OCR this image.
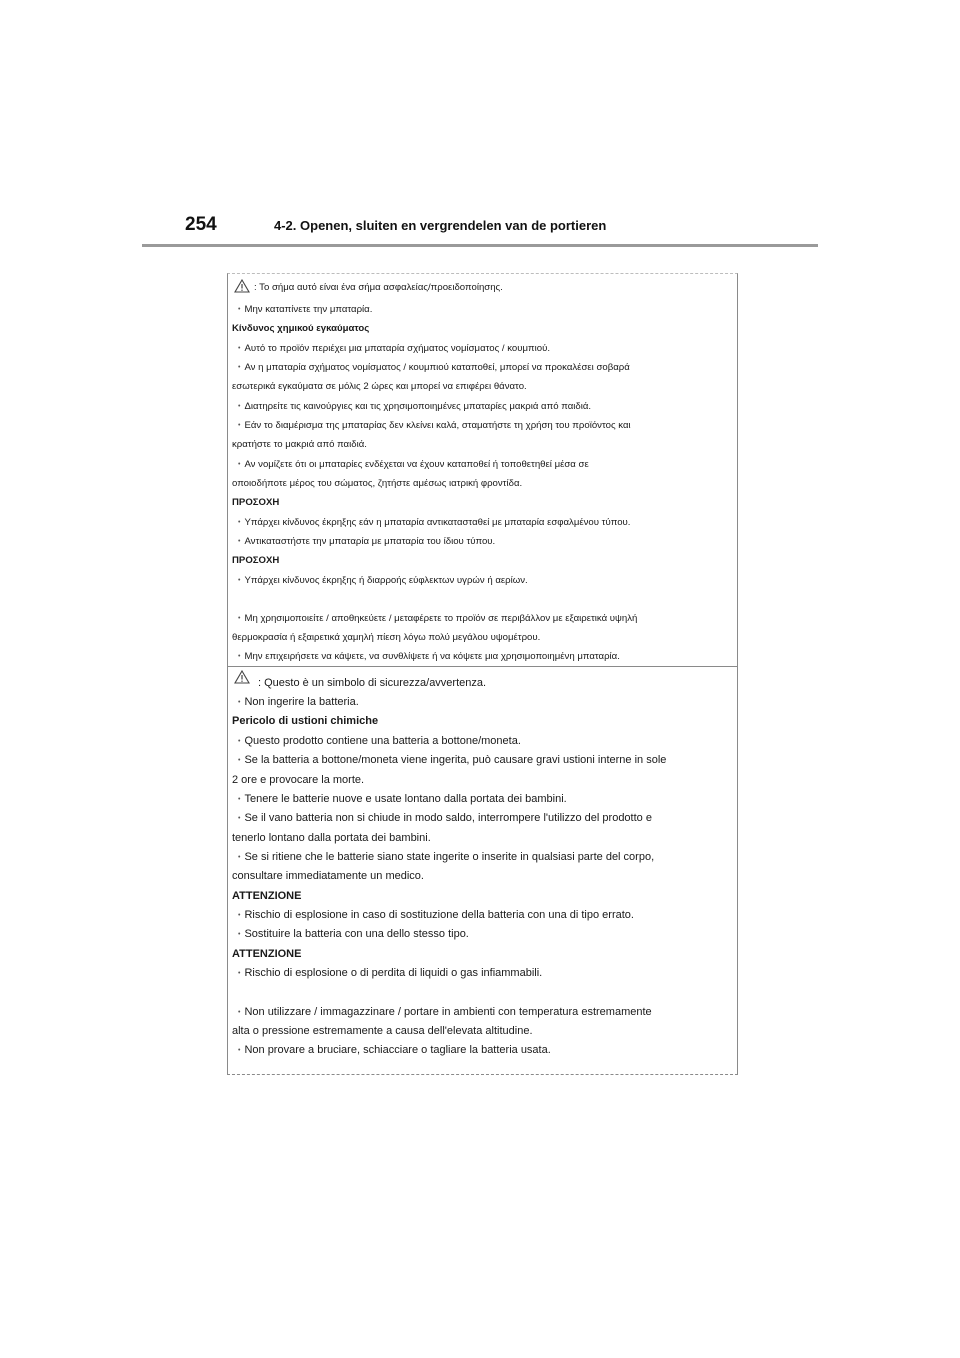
254	4-2. Openen, sluiten en vergrendelen van de portieren
: Το σήμα αυτό είναι ένα σήμα ασφαλείας/προειδοποίησης.
• Μην καταπίνετε την μπαταρία.
Κίνδυνος χημικού εγκαύματος
• Αυτό το προϊόν περιέχει μια μπαταρία σχήματος νομίσματος / κουμπιού.
• Αν η μπαταρία σχήματος νομίσματος / κουμπιού καταποθεί, μπορεί να προκαλέσει σοβαρά
εσωτερικά εγκαύματα σε μόλις 2 ώρες και μπορεί να επιφέρει θάνατο.
• Διατηρείτε τις καινούργιες και τις χρησιμοποιημένες μπαταρίες μακριά από παιδιά.
• Εάν το διαμέρισμα της μπαταρίας δεν κλείνει καλά, σταματήστε τη χρήση του προϊόντος και
κρατήστε το μακριά από παιδιά.
• Αν νομίζετε ότι οι μπαταρίες ενδέχεται να έχουν καταποθεί ή τοποθετηθεί μέσα σε
οποιοδήποτε μέρος του σώματος, ζητήστε αμέσως ιατρική φροντίδα.
ΠΡΟΣΟΧΗ
• Υπάρχει κίνδυνος έκρηξης εάν η μπαταρία αντικατασταθεί με μπαταρία εσφαλμένου τύπου.
• Αντικαταστήστε την μπαταρία με μπαταρία του ίδιου τύπου.
ΠΡΟΣΟΧΗ
• Υπάρχει κίνδυνος έκρηξης ή διαρροής εύφλεκτων υγρών ή αερίων.
• Μη χρησιμοποιείτε / αποθηκεύετε / μεταφέρετε το προϊόν σε περιβάλλον με εξαιρετικά υψηλή
θερμοκρασία ή εξαιρετικά χαμηλή πίεση λόγω πολύ μεγάλου υψομέτρου.
• Μην επιχειρήσετε να κάψετε, να συνθλίψετε ή να κόψετε μια χρησιμοποιημένη μπαταρία.
: Questo è un simbolo di sicurezza/avvertenza.
• Non ingerire la batteria.
Pericolo di ustioni chimiche
• Questo prodotto contiene una batteria a bottone/moneta.
• Se la batteria a bottone/moneta viene ingerita, può causare gravi ustioni interne in sole
2 ore e provocare la morte.
• Tenere le batterie nuove e usate lontano dalla portata dei bambini.
• Se il vano batteria non si chiude in modo saldo, interrompere l'utilizzo del prodotto e
tenerlo lontano dalla portata dei bambini.
• Se si ritiene che le batterie siano state ingerite o inserite in qualsiasi parte del corpo,
consultare immediatamente un medico.
ATTENZIONE
• Rischio di esplosione in caso di sostituzione della batteria con una di tipo errato.
• Sostituire la batteria con una dello stesso tipo.
ATTENZIONE
• Rischio di esplosione o di perdita di liquidi o gas infiammabili.
• Non utilizzare / immagazzinare / portare in ambienti con temperatura estremamente
alta o pressione estremamente a causa dell'elevata altitudine.
• Non provare a bruciare, schiacciare o tagliare la batteria usata.
